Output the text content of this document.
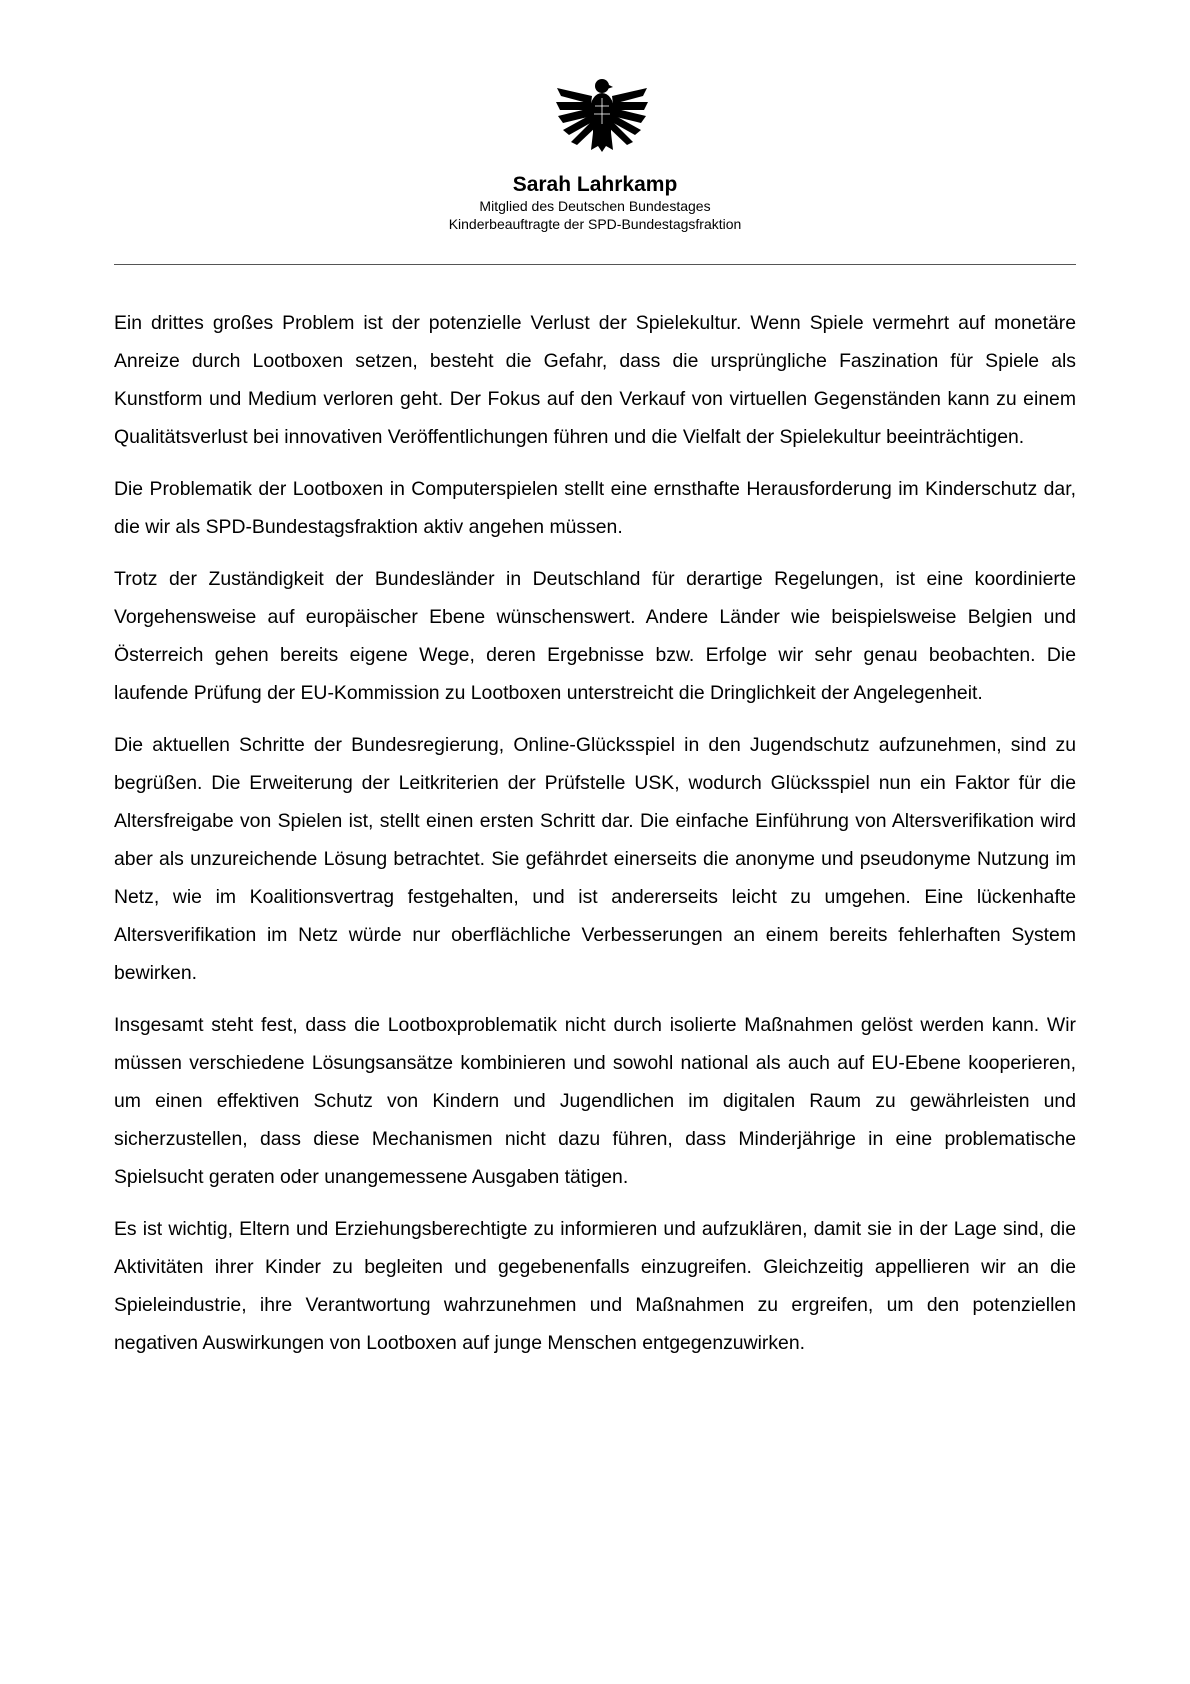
Sarah Lahrkamp

Mitglied des Deutschen Bundestages

Kinderbeauftragte der SPD-Bundestagsfraktion

Ein drittes großes Problem ist der potenzielle Verlust der Spielekultur. Wenn Spiele vermehrt auf monetäre Anreize durch Lootboxen setzen, besteht die Gefahr, dass die ursprüngliche Faszination für Spiele als Kunstform und Medium verloren geht. Der Fokus auf den Verkauf von virtuellen Gegenständen kann zu einem Qualitätsverlust bei innovativen Veröffentlichungen führen und die Vielfalt der Spielekultur beeinträchtigen.

Die Problematik der Lootboxen in Computerspielen stellt eine ernsthafte Herausforderung im Kinderschutz dar, die wir als SPD-Bundestagsfraktion aktiv angehen müssen.

Trotz der Zuständigkeit der Bundesländer in Deutschland für derartige Regelungen, ist eine koordinierte Vorgehensweise auf europäischer Ebene wünschenswert. Andere Länder wie beispielsweise Belgien und Österreich gehen bereits eigene Wege, deren Ergebnisse bzw. Erfolge wir sehr genau beobachten. Die laufende Prüfung der EU-Kommission zu Lootboxen unterstreicht die Dringlichkeit der Angelegenheit.

Die aktuellen Schritte der Bundesregierung, Online-Glücksspiel in den Jugendschutz aufzunehmen, sind zu begrüßen. Die Erweiterung der Leitkriterien der Prüfstelle USK, wodurch Glücksspiel nun ein Faktor für die Altersfreigabe von Spielen ist, stellt einen ersten Schritt dar. Die einfache Einführung von Altersverifikation wird aber als unzureichende Lösung betrachtet. Sie gefährdet einerseits die anonyme und pseudonyme Nutzung im Netz, wie im Koalitionsvertrag festgehalten, und ist andererseits leicht zu umgehen. Eine lückenhafte Altersverifikation im Netz würde nur oberflächliche Verbesserungen an einem bereits fehlerhaften System bewirken.

Insgesamt steht fest, dass die Lootboxproblematik nicht durch isolierte Maßnahmen gelöst werden kann. Wir müssen verschiedene Lösungsansätze kombinieren und sowohl national als auch auf EU-Ebene kooperieren, um einen effektiven Schutz von Kindern und Jugendlichen im digitalen Raum zu gewährleisten und sicherzustellen, dass diese Mechanismen nicht dazu führen, dass Minderjährige in eine problematische Spielsucht geraten oder unangemessene Ausgaben tätigen.

Es ist wichtig, Eltern und Erziehungsberechtigte zu informieren und aufzuklären, damit sie in der Lage sind, die Aktivitäten ihrer Kinder zu begleiten und gegebenenfalls einzugreifen. Gleichzeitig appellieren wir an die Spieleindustrie, ihre Verantwortung wahrzunehmen und Maßnahmen zu ergreifen, um den potenziellen negativen Auswirkungen von Lootboxen auf junge Menschen entgegenzuwirken.
